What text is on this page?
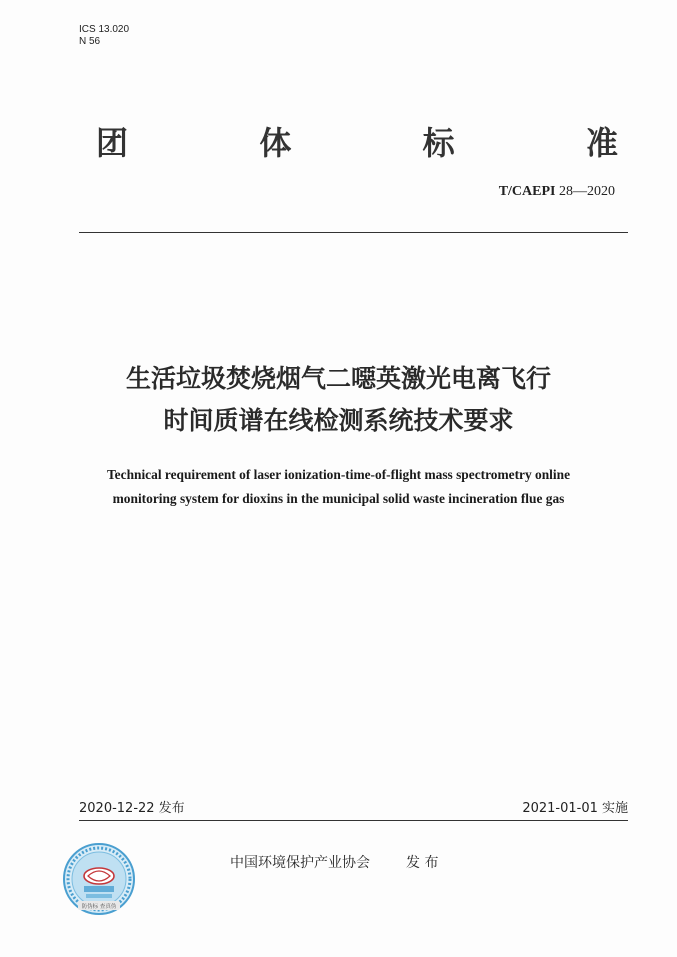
ICS 13.020
N 56
团	体	标	准
T/CAEPI 28—2020
生活垃圾焚烧烟气二噁英激光电离飞行
时间质谱在线检测系统技术要求
Technical requirement of laser ionization-time-of-flight mass spectrometry online
monitoring system for dioxins in the municipal solid waste incineration flue gas
2020-12-22 发布	2021-01-01 实施
防伪标 查真伪
中国环境保护产业协会	发 布
